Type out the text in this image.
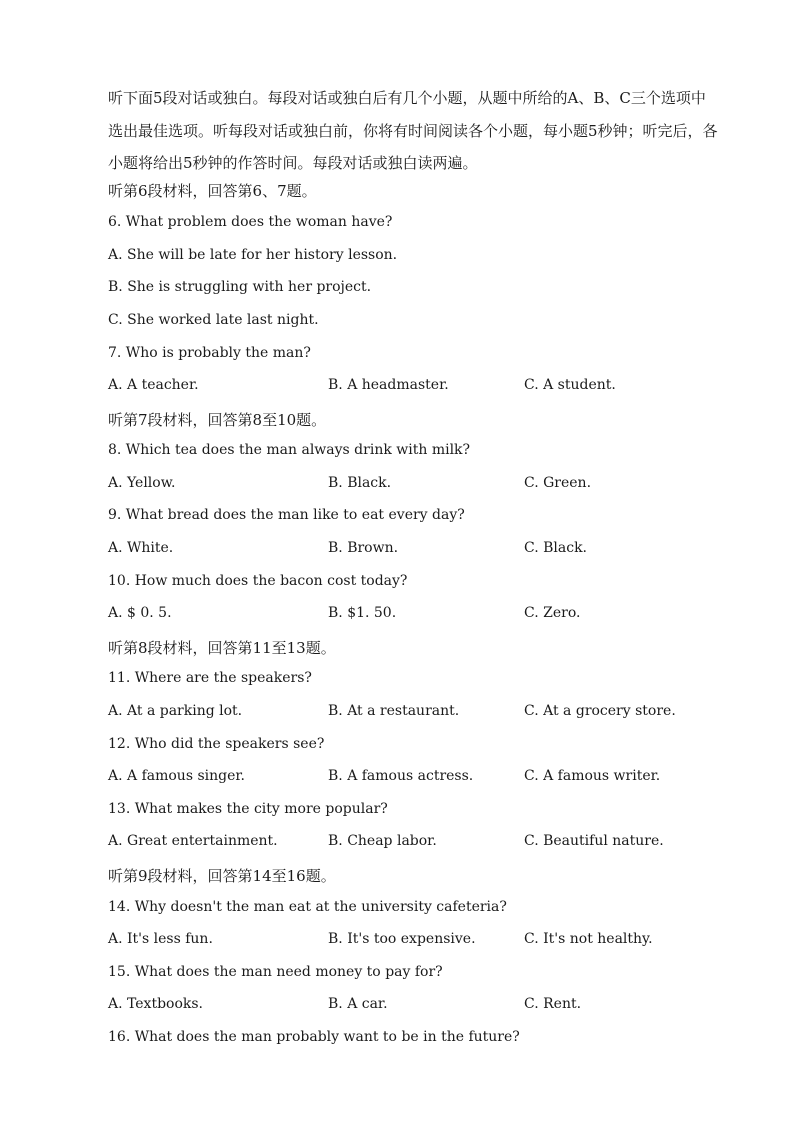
听下面5段对话或独白。每段对话或独白后有几个小题，从题中所给的A、B、C三个选项中选出最佳选项。听每段对话或独白前，你将有时间阅读各个小题，每小题5秒钟；听完后，各小题将给出5秒钟的作答时间。每段对话或独白读两遍。
听第6段材料，回答第6、7题。
6. What problem does the woman have?
A. She will be late for her history lesson.
B. She is struggling with her project.
C. She worked late last night.
7. Who is probably the man?
A. A teacher.	B. A headmaster.	C. A student.
听第7段材料，回答第8至10题。
8. Which tea does the man always drink with milk?
A. Yellow.	B. Black.	C. Green.
9. What bread does the man like to eat every day?
A. White.	B. Brown.	C. Black.
10. How much does the bacon cost today?
A. $ 0. 5.	B. $1. 50.	C. Zero.
听第8段材料，回答第11至13题。
11. Where are the speakers?
A. At a parking lot.	B. At a restaurant.	C. At a grocery store.
12. Who did the speakers see?
A. A famous singer.	B. A famous actress.	C. A famous writer.
13. What makes the city more popular?
A. Great entertainment.	B. Cheap labor.	C. Beautiful nature.
听第9段材料，回答第14至16题。
14. Why doesn't the man eat at the university cafeteria?
A. It's less fun.	B. It's too expensive.	C. It's not healthy.
15. What does the man need money to pay for?
A. Textbooks.	B. A car.	C. Rent.
16. What does the man probably want to be in the future?
